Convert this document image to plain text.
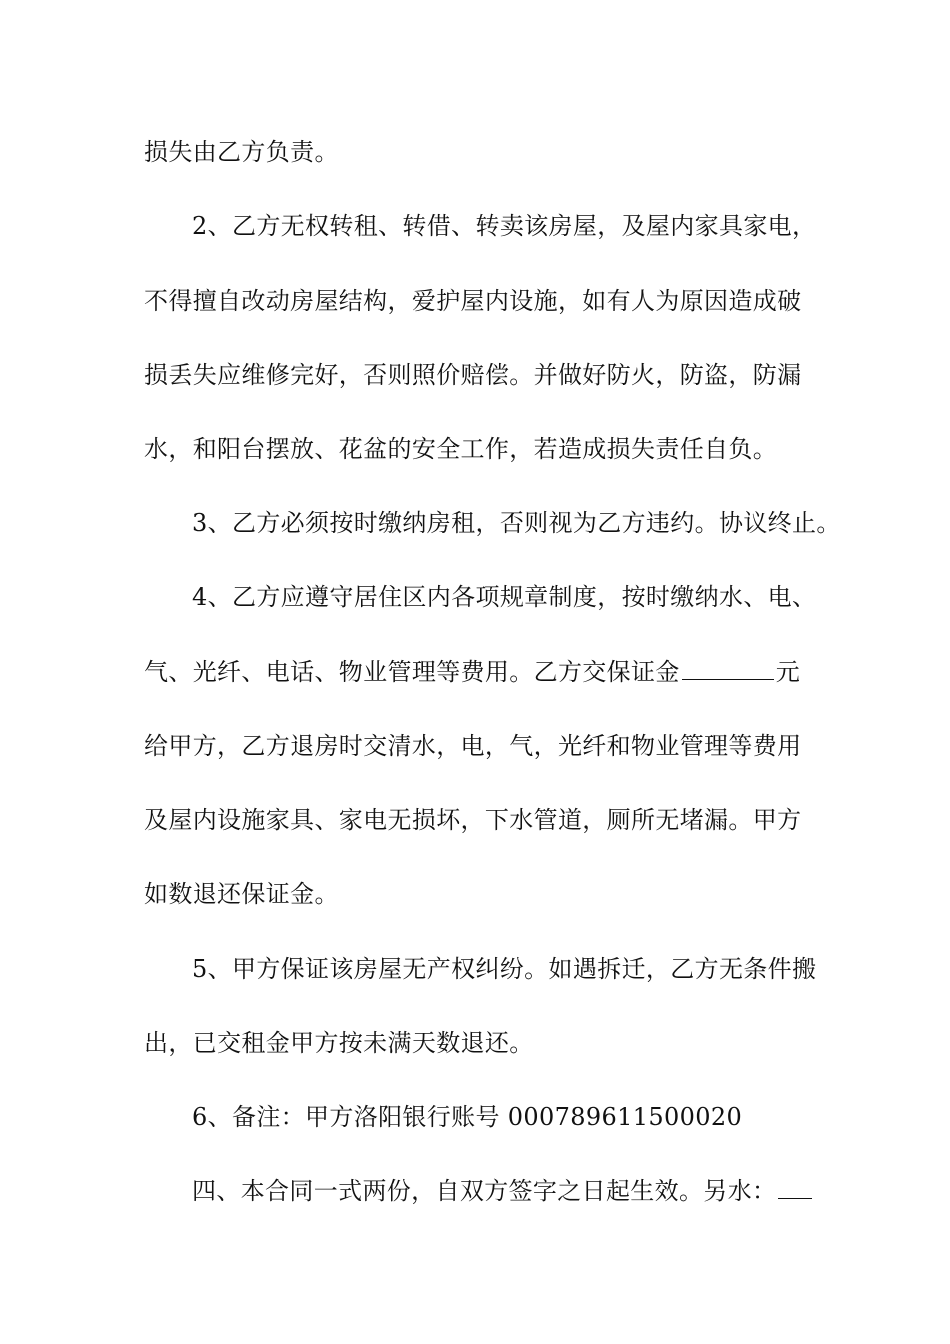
损失由乙方负责。
2、乙方无权转租、转借、转卖该房屋，及屋内家具家电，
不得擅自改动房屋结构，爱护屋内设施，如有人为原因造成破
损丢失应维修完好，否则照价赔偿。并做好防火，防盗，防漏
水，和阳台摆放、花盆的安全工作，若造成损失责任自负。
3、乙方必须按时缴纳房租，否则视为乙方违约。协议终止。
4、乙方应遵守居住区内各项规章制度，按时缴纳水、电、
气、光纤、电话、物业管理等费用。乙方交保证金	元
给甲方，乙方退房时交清水，电，气，光纤和物业管理等费用
及屋内设施家具、家电无损坏，下水管道，厕所无堵漏。甲方
如数退还保证金。
5、甲方保证该房屋无产权纠纷。如遇拆迁，乙方无条件搬
出，已交租金甲方按未满天数退还。
6、备注：甲方洛阳银行账号 000789611500020
四、本合同一式两份，自双方签字之日起生效。另水：
